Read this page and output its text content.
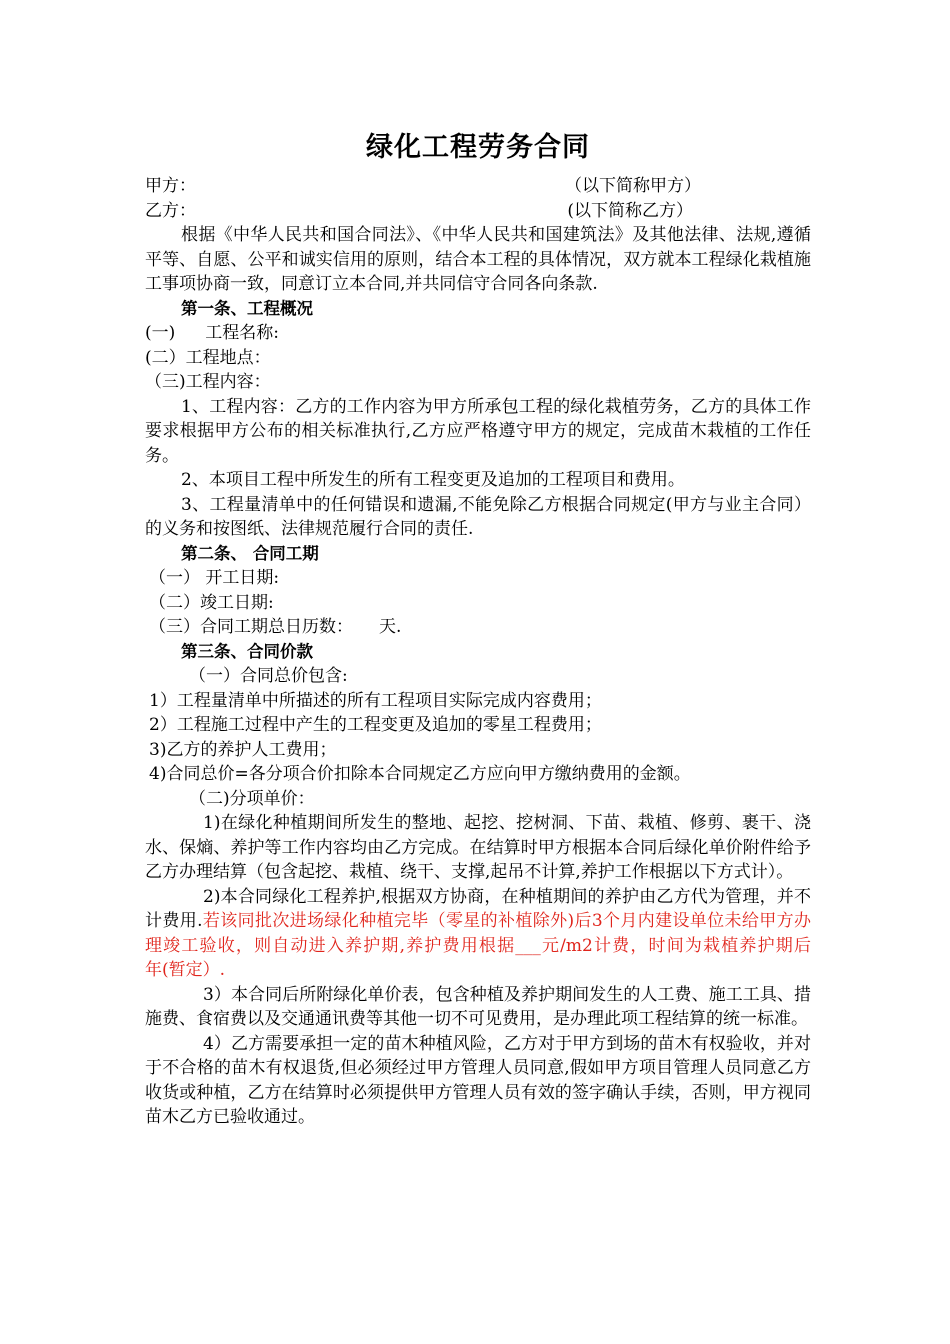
绿化工程劳务合同
甲方：	（以下简称甲方）
乙方：	(以下简称乙方）

根据《中华人民共和国合同法》、《中华人民共和国建筑法》及其他法律、法规,遵循平等、自愿、公平和诚实信用的原则，结合本工程的具体情况，双方就本工程绿化栽植施工事项协商一致，同意订立本合同,并共同信守合同各向条款.

第一条、工程概况
(一) 工程名称:
(二）工程地点：
（三)工程内容：

1、工程内容：乙方的工作内容为甲方所承包工程的绿化栽植劳务，乙方的具体工作要求根据甲方公布的相关标准执行,乙方应严格遵守甲方的规定，完成苗木栽植的工作任务。

2、本项目工程中所发生的所有工程变更及追加的工程项目和费用。

3、工程量清单中的任何错误和遗漏,不能免除乙方根据合同规定(甲方与业主合同）的义务和按图纸、法律规范履行合同的责任.

第二条、 合同工期
（一） 开工日期:
（二）竣工日期:
（三）合同工期总日历数： 天.
第三条、合同价款
（一）合同总价包含:
1）工程量清单中所描述的所有工程项目实际完成内容费用；
2）工程施工过程中产生的工程变更及追加的零星工程费用；
3)乙方的养护人工费用；
4)合同总价=各分项合价扣除本合同规定乙方应向甲方缴纳费用的金额。
（二)分项单价：

1)在绿化种植期间所发生的整地、起挖、挖树洞、下苗、栽植、修剪、裹干、浇水、保熵、养护等工作内容均由乙方完成。在结算时甲方根据本合同后绿化单价附件给予乙方办理结算（包含起挖、栽植、绕干、支撑,起吊不计算,养护工作根据以下方式计）。

2)本合同绿化工程养护,根据双方协商，在种植期间的养护由乙方代为管理，并不计费用.若该同批次进场绿化种植完毕（零星的补植除外)后3个月内建设单位未给甲方办理竣工验收，则自动进入养护期,养护费用根据___元/m2计费，时间为栽植养护期后　　年(暂定）.

3）本合同后所附绿化单价表，包含种植及养护期间发生的人工费、施工工具、措施费、食宿费以及交通通讯费等其他一切不可见费用，是办理此项工程结算的统一标准。

4）乙方需要承担一定的苗木种植风险，乙方对于甲方到场的苗木有权验收，并对于不合格的苗木有权退货,但必须经过甲方管理人员同意,假如甲方项目管理人员同意乙方收货或种植，乙方在结算时必须提供甲方管理人员有效的签字确认手续，否则，甲方视同苗木乙方已验收通过。
